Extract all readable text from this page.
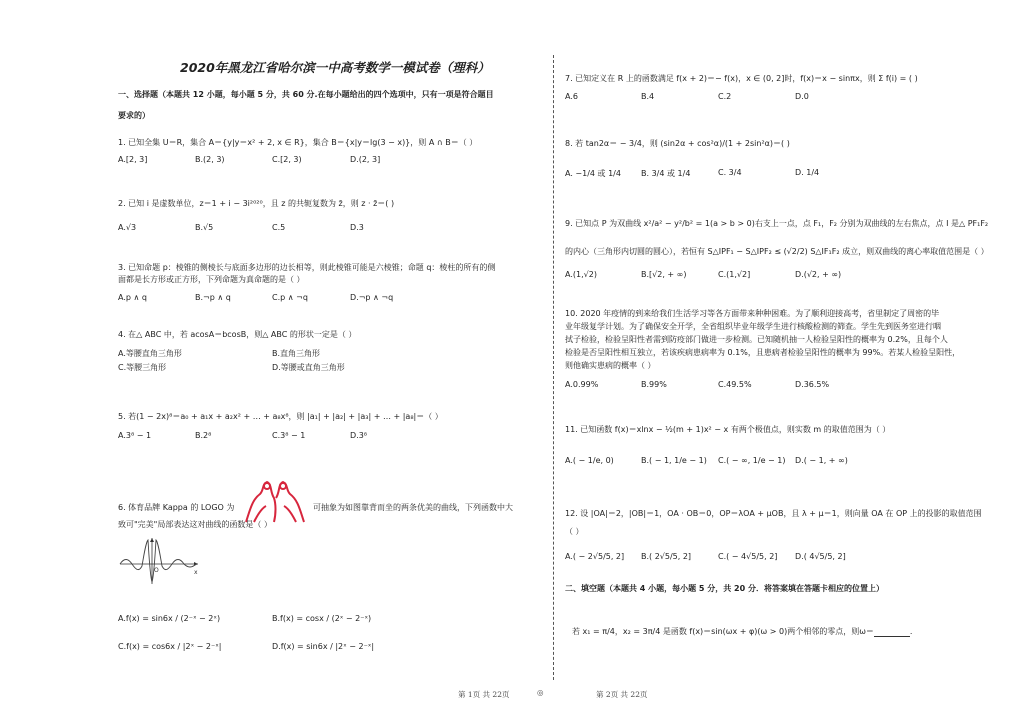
2020年黑龙江省哈尔滨一中高考数学一模试卷（理科）
一、选择题（本题共 12 小题，每小题 5 分，共 60 分.在每小题给出的四个选项中，只有一项是符合题目
要求的）
1. 已知全集 U＝R，集合 A＝{y|y＝x² + 2, x ∈ R}，集合 B＝{x|y＝lg(3 − x)}，则 A ∩ B＝（ ）
A.[2, 3]	B.(2, 3)	C.[2, 3)	D.(2, 3]
2. 已知 i 是虚数单位，z＝1 + i − 3i²⁰²⁰，且 z 的共轭复数为 z̄，则 z · z̄＝( )
A.√3	B.√5	C.5	D.3
3. 已知命题 p：棱锥的侧棱长与底面多边形的边长相等，则此棱锥可能是六棱锥；命题 q：棱柱的所有的侧
面都是长方形或正方形，下列命题为真命题的是（ ）
A.p ∧ q	B.¬p ∧ q	C.p ∧ ¬q	D.¬p ∧ ¬q
4. 在△ ABC 中，若 acosA＝bcosB，则△ ABC 的形状一定是（ ）
A.等腰直角三角形	B.直角三角形
C.等腰三角形	D.等腰或直角三角形
5. 若(1 − 2x)⁸＝a₀ + a₁x + a₂x² + … + a₈x⁸，则 |a₁| + |a₂| + |a₃| + … + |a₈|＝（ ）
A.3⁸ − 1	B.2⁸	C.3⁸ − 1	D.3⁸
6. 体育品牌 Kappa 的 LOGO 为	可抽象为如图靠背而坐的两条优美的曲线，下列函数中大
致可"完美"局部表达这对曲线的函数是（ ）
O	x
A.f(x) = sin6x / (2⁻ˣ − 2ˣ)	B.f(x) = cosx / (2ˣ − 2⁻ˣ)
C.f(x) = cos6x / |2ˣ − 2⁻ˣ|	D.f(x) = sin6x / |2ˣ − 2⁻ˣ|
7. 已知定义在 R 上的函数满足 f(x + 2)＝− f(x)，x ∈ (0, 2]时，f(x)＝x − sinπx，则 Σ f(i) = ( )
A.6	B.4	C.2	D.0
8. 若 tan2α＝ − 3/4，则 (sin2α + cos²α)/(1 + 2sin²α)＝( )
A. −1/4 或 1/4	B. 3/4 或 1/4	C. 3/4	D. 1/4
9. 已知点 P 为双曲线 x²/a² − y²/b² = 1(a > b > 0)右支上一点，点 F₁，F₂ 分别为双曲线的左右焦点，点 I 是△ PF₁F₂
的内心（三角形内切圆的圆心），若恒有 S△IPF₁ − S△IPF₂ ≤ (√2/2) S△IF₁F₂ 成立，则双曲线的离心率取值范围是（ ）
A.(1,√2)	B.[√2, + ∞)	C.(1,√2]	D.(√2, + ∞)
10. 2020 年疫情的到来给我们生活学习等各方面带来种种困难。为了顺利迎接高考，省里制定了周密的毕
业年级复学计划。为了确保安全开学，全省组织毕业年级学生进行核酸检测的筛查。学生先到医务室进行咽
拭子检验，检验呈阳性者需到防疫部门做进一步检测。已知随机抽一人检验呈阳性的概率为 0.2%，且每个人
检验是否呈阳性相互独立，若该疾病患病率为 0.1%，且患病者检验呈阳性的概率为 99%。若某人检验呈阳性，
则他确实患病的概率（ ）
A.0.99%	B.99%	C.49.5%	D.36.5%
11. 已知函数 f(x)＝xlnx − ½(m + 1)x² − x 有两个极值点，则实数 m 的取值范围为（ ）
A.( − 1/e, 0)	B.( − 1, 1/e − 1) C.( − ∞, 1/e − 1) D.( − 1, + ∞)
12. 设 |OA|＝2，|OB|＝1，OA · OB＝0，OP＝λOA + μOB，且 λ + μ＝1，则向量 OA 在 OP 上的投影的取值范围
（ ）
A.( − 2√5/5, 2] B.( 2√5/5, 2]	C.( − 4√5/5, 2] D.( 4√5/5, 2]
二、填空题（本题共 4 小题，每小题 5 分，共 20 分．将答案填在答题卡相应的位置上）
若 x₁ = π/4，x₂ = 3π/4 是函数 f(x)＝sin(ωx + φ)(ω > 0)两个相邻的零点，则ω＝	.
第 1页 共 22页	◎	第 2页 共 22页
